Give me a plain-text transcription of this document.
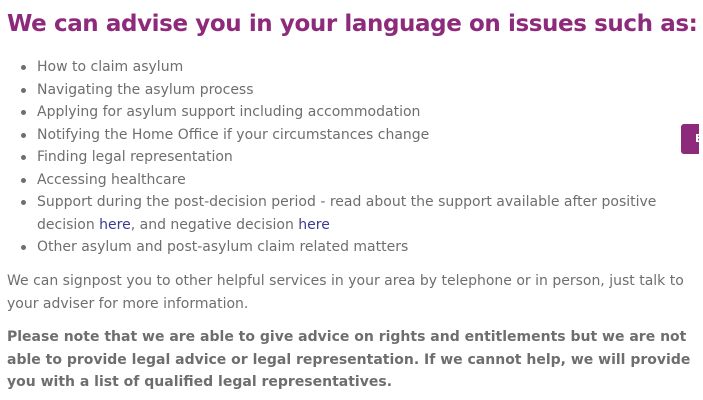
We can advise you in your language on issues such as:
How to claim asylum
Navigating the asylum process
Applying for asylum support including accommodation
Notifying the Home Office if your circumstances change
Finding legal representation
Accessing healthcare
Support during the post-decision period - read about the support available after positive decision here, and negative decision here
Other asylum and post-asylum claim related matters

We can signpost you to other helpful services in your area by telephone or in person, just talk to your adviser for more information.

Please note that we are able to give advice on rights and entitlements but we are not able to provide legal advice or legal representation. If we cannot help, we will provide you with a list of qualified legal representatives.

E
